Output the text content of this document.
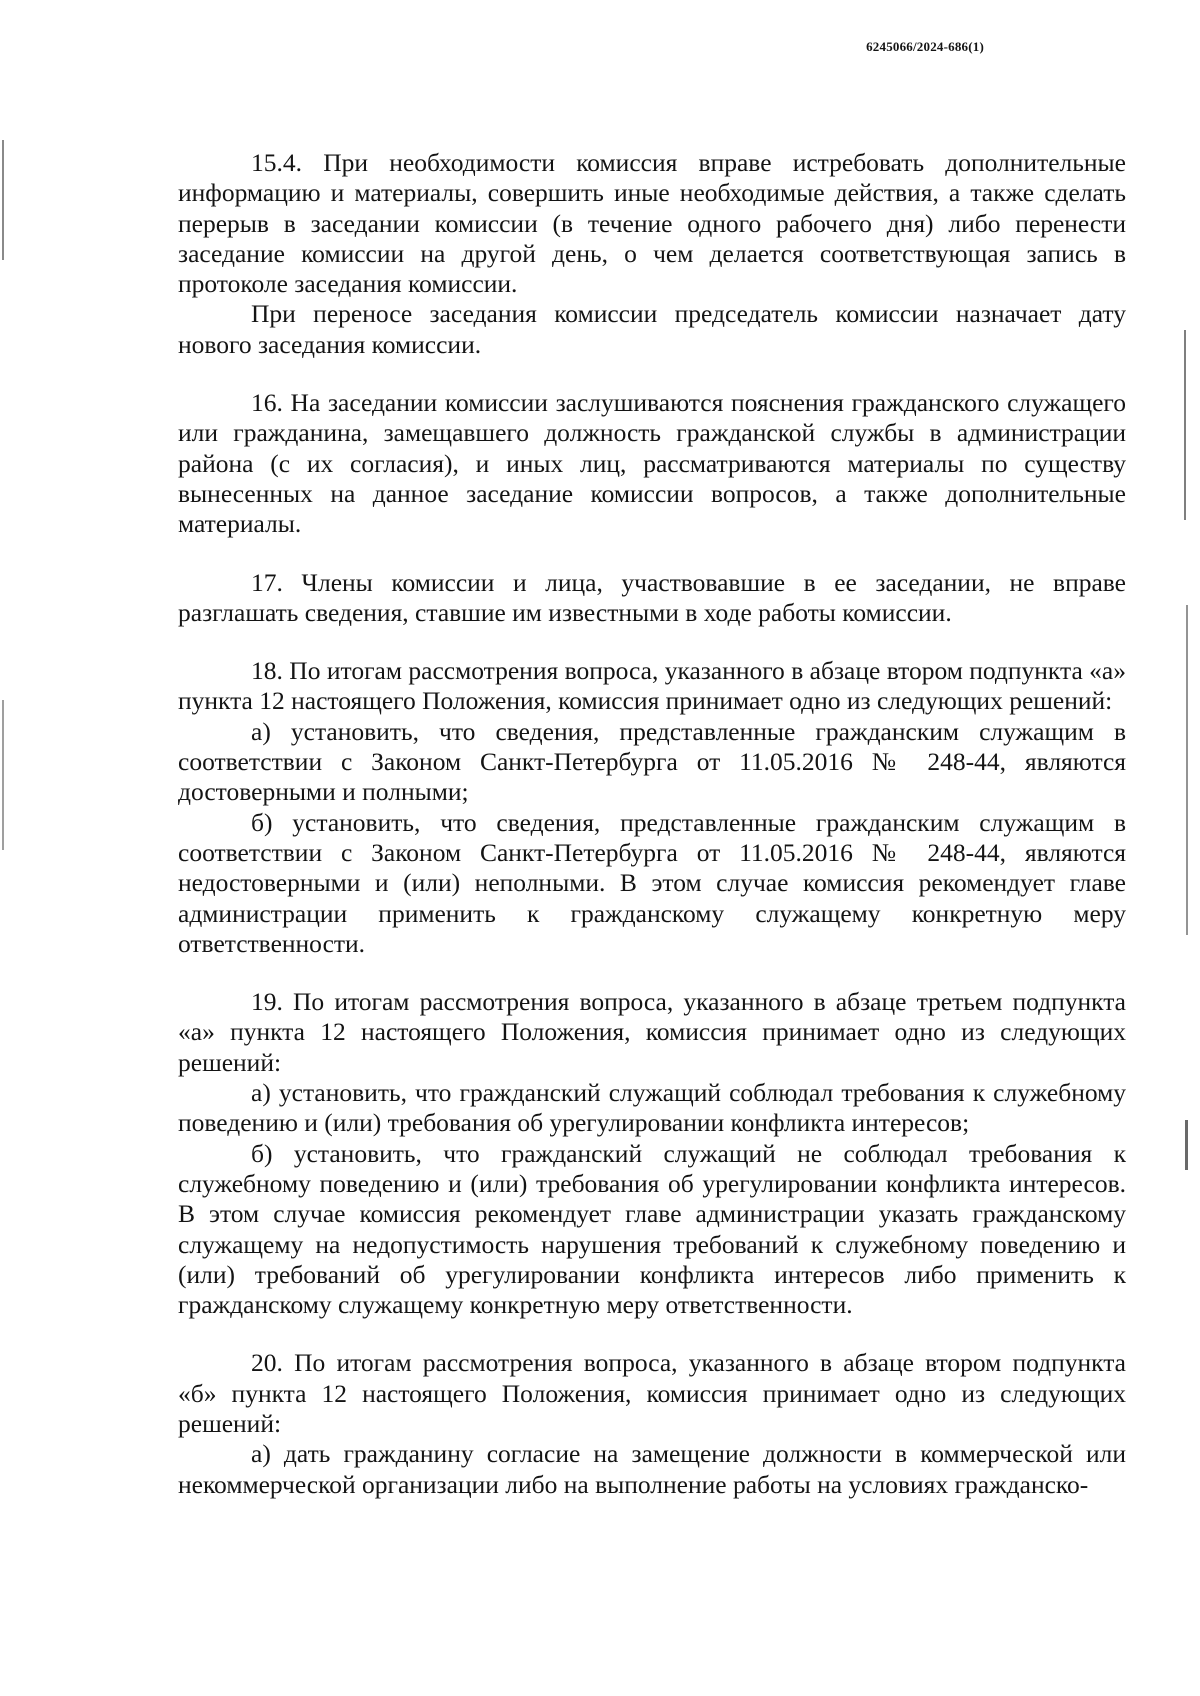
6245066/2024-686(1)

15.4. При необходимости комиссия вправе истребовать дополнительные информацию и материалы, совершить иные необходимые действия, а также сделать перерыв в заседании комиссии (в течение одного рабочего дня) либо перенести заседание комиссии на другой день, о чем делается соответствующая запись в протоколе заседания комиссии.

При переносе заседания комиссии председатель комиссии назначает дату нового заседания комиссии.

16. На заседании комиссии заслушиваются пояснения гражданского служащего или гражданина, замещавшего должность гражданской службы в администрации района (с их согласия), и иных лиц, рассматриваются материалы по существу вынесенных на данное заседание комиссии вопросов, а также дополнительные материалы.

17. Члены комиссии и лица, участвовавшие в ее заседании, не вправе разглашать сведения, ставшие им известными в ходе работы комиссии.

18. По итогам рассмотрения вопроса, указанного в абзаце втором подпункта «а» пункта 12 настоящего Положения, комиссия принимает одно из следующих решений:

а) установить, что сведения, представленные гражданским служащим в соответствии с Законом Санкт-Петербурга от 11.05.2016 № 248-44, являются достоверными и полными;

б) установить, что сведения, представленные гражданским служащим в соответствии с Законом Санкт-Петербурга от 11.05.2016 № 248-44, являются недостоверными и (или) неполными. В этом случае комиссия рекомендует главе администрации применить к гражданскому служащему конкретную меру ответственности.

19. По итогам рассмотрения вопроса, указанного в абзаце третьем подпункта «а» пункта 12 настоящего Положения, комиссия принимает одно из следующих решений:

а) установить, что гражданский служащий соблюдал требования к служебному поведению и (или) требования об урегулировании конфликта интересов;

б) установить, что гражданский служащий не соблюдал требования к служебному поведению и (или) требования об урегулировании конфликта интересов. В этом случае комиссия рекомендует главе администрации указать гражданскому служащему на недопустимость нарушения требований к служебному поведению и (или) требований об урегулировании конфликта интересов либо применить к гражданскому служащему конкретную меру ответственности.

20. По итогам рассмотрения вопроса, указанного в абзаце втором подпункта «б» пункта 12 настоящего Положения, комиссия принимает одно из следующих решений:

а) дать гражданину согласие на замещение должности в коммерческой или некоммерческой организации либо на выполнение работы на условиях гражданско-
